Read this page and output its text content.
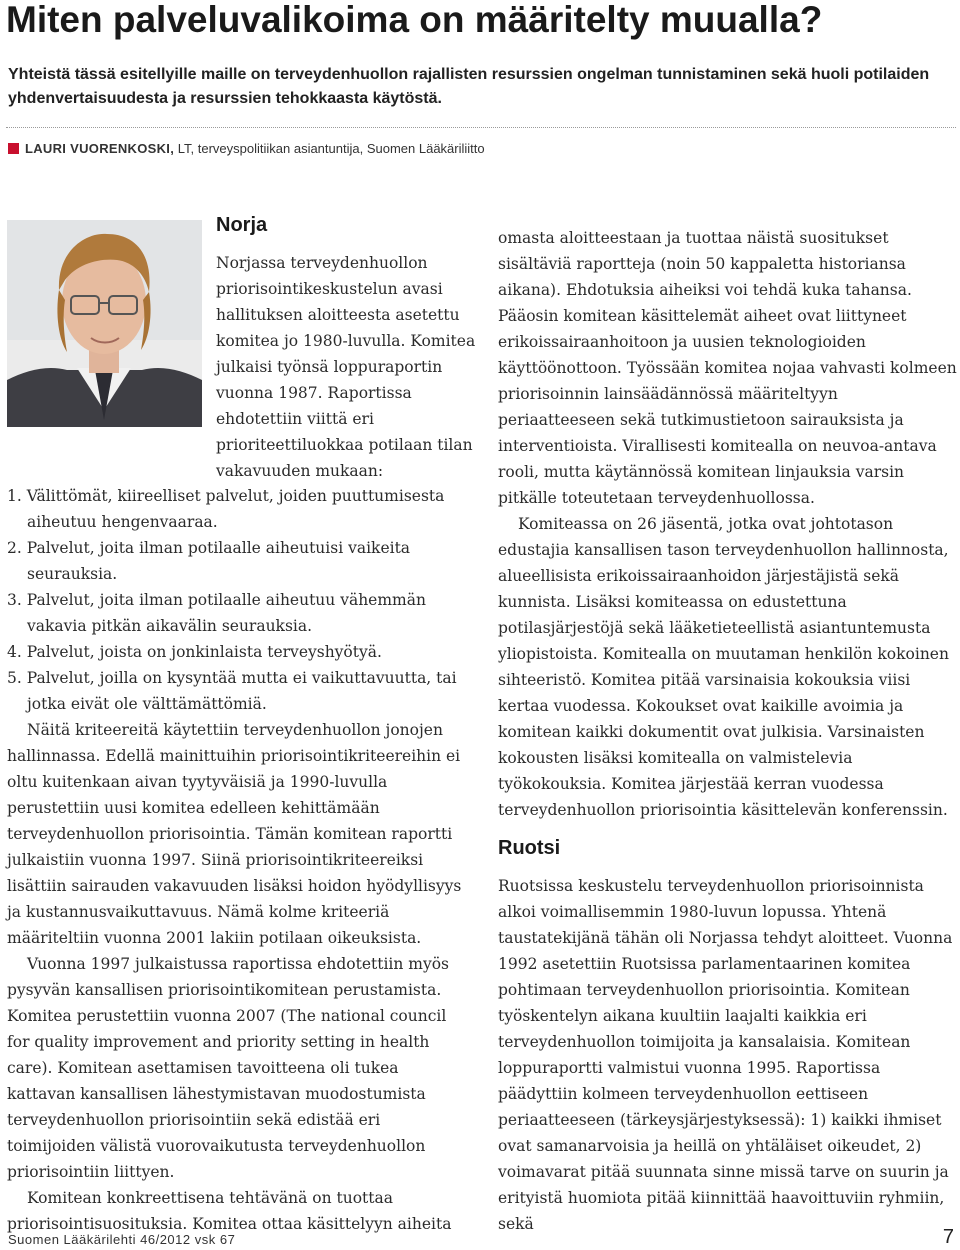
Miten palveluvalikoima on määritelty muualla?
Yhteistä tässä esitellyille maille on terveydenhuollon rajallisten resurssien ongelman tunnistaminen sekä huoli potilaiden yhdenvertaisuudesta ja resurssien tehokkaasta käytöstä.
LAURI VUORENKOSKI, LT, terveyspolitiikan asiantuntija, Suomen Lääkäriliitto
Norja

Norjassa terveydenhuollon priorisointikeskustelun avasi hallituksen aloitteesta asetettu komitea jo 1980-luvulla. Komitea julkaisi työnsä loppuraportin vuonna 1987. Raportissa ehdotettiin viittä eri prioriteettiluokkaa potilaan tilan vakavuuden mukaan:

1. Välittömät, kiireelliset palvelut, joiden puuttumisesta aiheutuu hengenvaaraa.

2. Palvelut, joita ilman potilaalle aiheutuisi vaikeita seurauksia.

3. Palvelut, joita ilman potilaalle aiheutuu vähemmän vakavia pitkän aikavälin seurauksia.

4. Palvelut, joista on jonkinlaista terveyshyötyä.

5. Palvelut, joilla on kysyntää mutta ei vaikuttavuutta, tai jotka eivät ole välttämättömiä.

Näitä kriteereitä käytettiin terveydenhuollon jonojen hallinnassa. Edellä mainittuihin priorisointikriteereihin ei oltu kuitenkaan aivan tyytyväisiä ja 1990-luvulla perustettiin uusi komitea edelleen kehittämään terveydenhuollon priorisointia. Tämän komitean raportti julkaistiin vuonna 1997. Siinä priorisointikriteereiksi lisättiin sairauden vakavuuden lisäksi hoidon hyödyllisyys ja kustannusvaikuttavuus. Nämä kolme kriteeriä määriteltiin vuonna 2001 lakiin potilaan oikeuksista.

Vuonna 1997 julkaistussa raportissa ehdotettiin myös pysyvän kansallisen priorisointikomitean perustamista. Komitea perustettiin vuonna 2007 (The national council for quality improvement and priority setting in health care). Komitean asettamisen tavoitteena oli tukea kattavan kansallisen lähestymistavan muodostumista terveydenhuollon priorisointiin sekä edistää eri toimijoiden välistä vuorovaikutusta terveydenhuollon priorisointiin liittyen.

Komitean konkreettisena tehtävänä on tuottaa priorisointisuosituksia. Komitea ottaa käsittelyyn aiheita

omasta aloitteestaan ja tuottaa näistä suositukset sisältäviä raportteja (noin 50 kappaletta historiansa aikana). Ehdotuksia aiheiksi voi tehdä kuka tahansa. Pääosin komitean käsittelemät aiheet ovat liittyneet erikoissairaanhoitoon ja uusien teknologioiden käyttöönottoon. Työssään komitea nojaa vahvasti kolmeen priorisoinnin lainsäädännössä määriteltyyn periaatteeseen sekä tutkimustietoon sairauksista ja interventioista. Virallisesti komitealla on neuvoa-antava rooli, mutta käytännössä komitean linjauksia varsin pitkälle toteutetaan terveydenhuollossa.

Komiteassa on 26 jäsentä, jotka ovat johtotason edustajia kansallisen tason terveydenhuollon hallinnosta, alueellisista erikoissairaanhoidon järjestäjistä sekä kunnista. Lisäksi komiteassa on edustettuna potilasjärjestöjä sekä lääketieteellistä asiantuntemusta yliopistoista. Komitealla on muutaman henkilön kokoinen sihteeristö. Komitea pitää varsinaisia kokouksia viisi kertaa vuodessa. Kokoukset ovat kaikille avoimia ja komitean kaikki dokumentit ovat julkisia. Varsinaisten kokousten lisäksi komitealla on valmistelevia työkokouksia. Komitea järjestää kerran vuodessa terveydenhuollon priorisointia käsittelevän konferenssin.

Ruotsi

Ruotsissa keskustelu terveydenhuollon priorisoinnista alkoi voimallisemmin 1980-luvun lopussa. Yhtenä taustatekijänä tähän oli Norjassa tehdyt aloitteet. Vuonna 1992 asetettiin Ruotsissa parlamentaarinen komitea pohtimaan terveydenhuollon priorisointia. Komitean työskentelyn aikana kuultiin laajalti kaikkia eri terveydenhuollon toimijoita ja kansalaisia. Komitean loppuraportti valmistui vuonna 1995. Raportissa päädyttiin kolmeen terveydenhuollon eettiseen periaatteeseen (tärkeysjärjestyksessä): 1) kaikki ihmiset ovat samanarvoisia ja heillä on yhtäläiset oikeudet, 2) voimavarat pitää suunnata sinne missä tarve on suurin ja erityistä huomiota pitää kiinnittää haavoittuviin ryhmiin, sekä

Suomen Lääkärilehti 46/2012 vsk 67	7
